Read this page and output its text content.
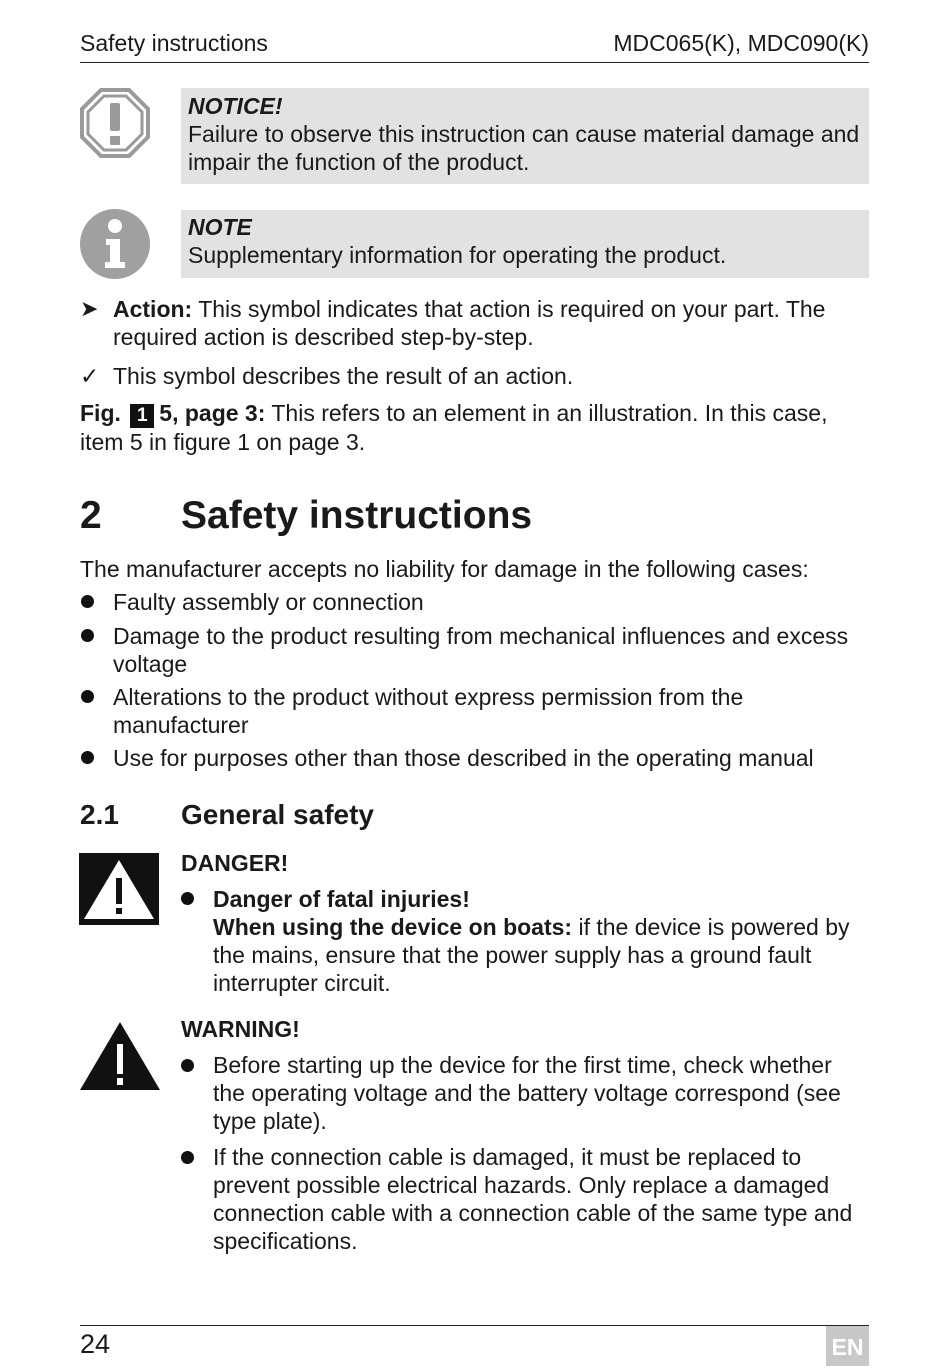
Safety instructions	MDC065(K), MDC090(K)
NOTICE!
Failure to observe this instruction can cause material damage and impair the function of the product.
NOTE
Supplementary information for operating the product.
➤ Action: This symbol indicates that action is required on your part. The required action is described step-by-step.
✓ This symbol describes the result of an action.
Fig. 1 5, page 3: This refers to an element in an illustration. In this case, item 5 in figure 1 on page 3.
2 Safety instructions
The manufacturer accepts no liability for damage in the following cases:
Faulty assembly or connection
Damage to the product resulting from mechanical influences and excess voltage
Alterations to the product without express permission from the manufacturer
Use for purposes other than those described in the operating manual
2.1 General safety
DANGER!
Danger of fatal injuries!
When using the device on boats: if the device is powered by the mains, ensure that the power supply has a ground fault interrupter circuit.
WARNING!
Before starting up the device for the first time, check whether the operating voltage and the battery voltage correspond (see type plate).
If the connection cable is damaged, it must be replaced to prevent possible electrical hazards. Only replace a damaged connection cable with a connection cable of the same type and specifications.
24	EN
